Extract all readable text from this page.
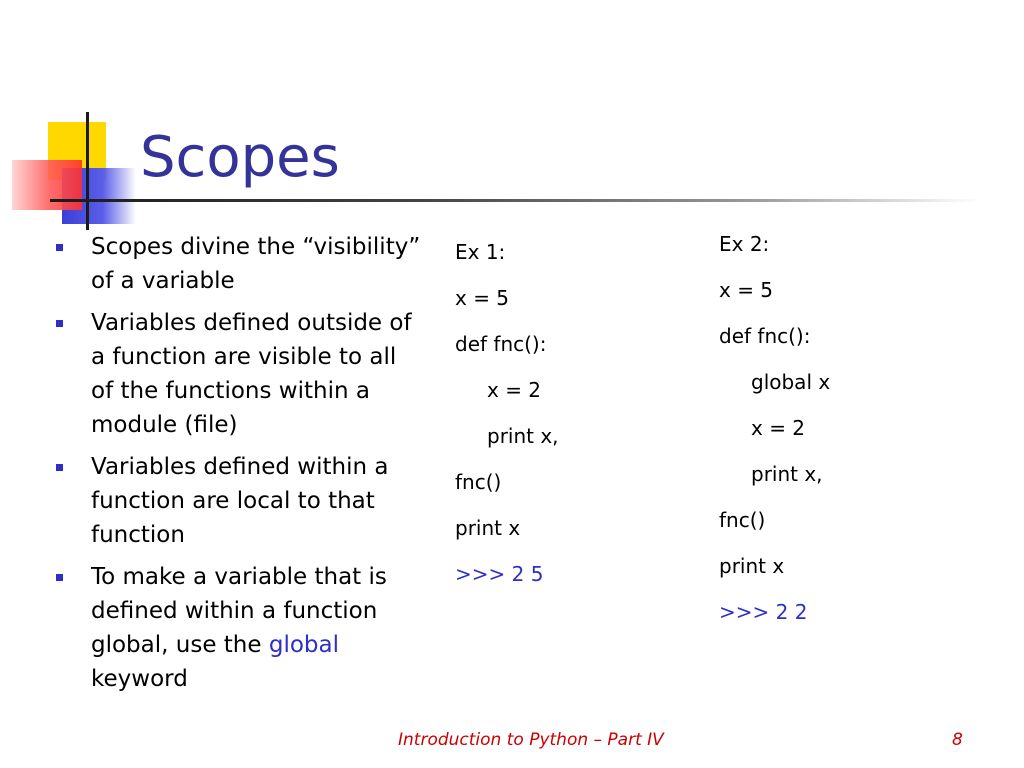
Scopes
Scopes divine the “visibility” of a variable
Variables defined outside of a function are visible to all of the functions within a module (file)
Variables defined within a function are local to that function
To make a variable that is defined within a function global, use the global keyword
Ex 1:
x = 5
def fnc():
x = 2
print x,
fnc()
print x
>>> 2 5
Ex 2:
x = 5
def fnc():
global x
x = 2
print x,
fnc()
print x
>>> 2 2
Introduction to Python – Part IV	8
